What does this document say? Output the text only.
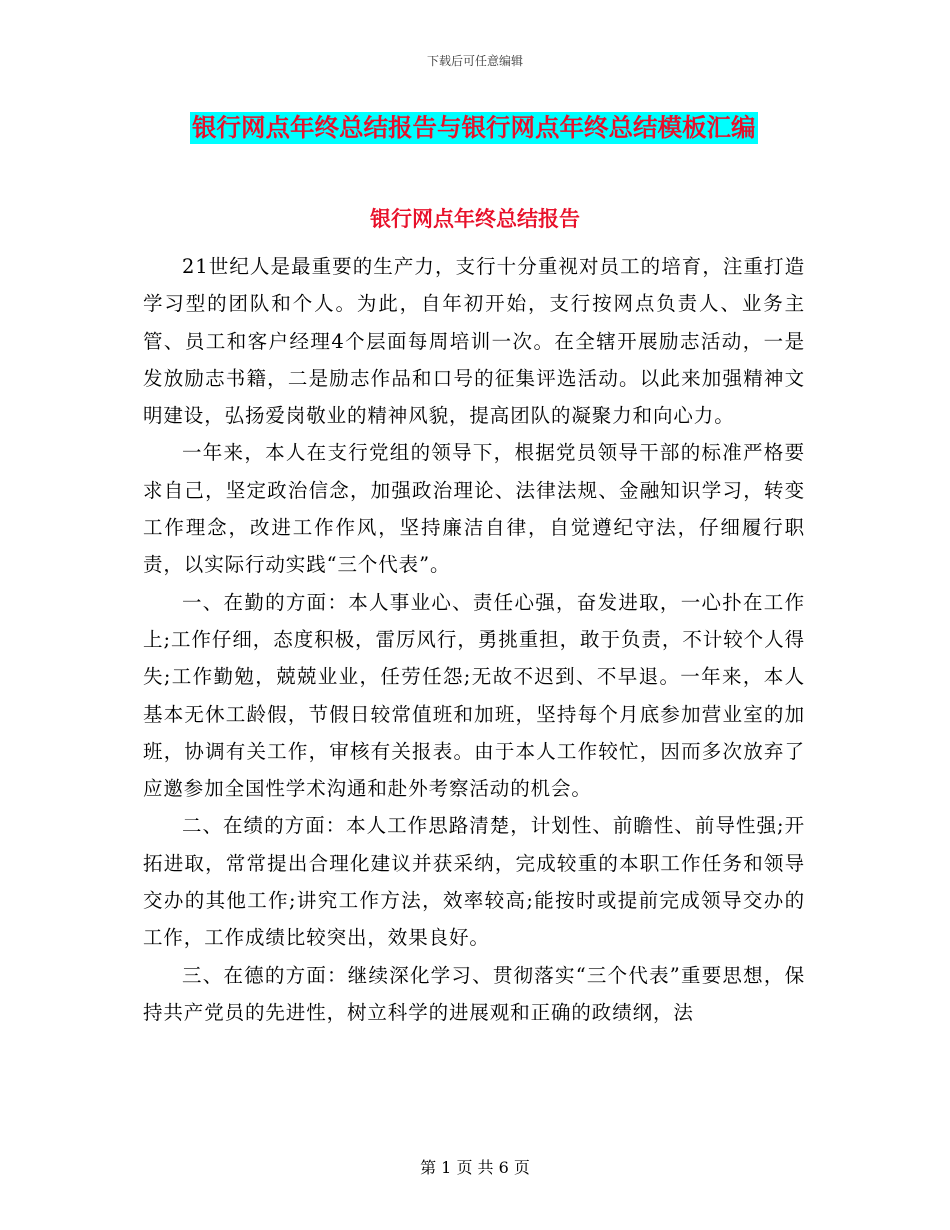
下载后可任意编辑
银行网点年终总结报告与银行网点年终总结模板汇编
银行网点年终总结报告

21世纪人是最重要的生产力，支行十分重视对员工的培育，注重打造学习型的团队和个人。为此，自年初开始，支行按网点负责人、业务主管、员工和客户经理4个层面每周培训一次。在全辖开展励志活动，一是发放励志书籍，二是励志作品和口号的征集评选活动。以此来加强精神文明建设，弘扬爱岗敬业的精神风貌，提高团队的凝聚力和向心力。

一年来，本人在支行党组的领导下，根据党员领导干部的标准严格要求自己，坚定政治信念，加强政治理论、法律法规、金融知识学习，转变工作理念，改进工作作风，坚持廉洁自律，自觉遵纪守法，仔细履行职责，以实际行动实践“三个代表”。

一、在勤的方面：本人事业心、责任心强，奋发进取，一心扑在工作上;工作仔细，态度积极，雷厉风行，勇挑重担，敢于负责，不计较个人得失;工作勤勉，兢兢业业，任劳任怨;无故不迟到、不早退。一年来，本人基本无休工龄假，节假日较常值班和加班，坚持每个月底参加营业室的加班，协调有关工作，审核有关报表。由于本人工作较忙，因而多次放弃了应邀参加全国性学术沟通和赴外考察活动的机会。

二、在绩的方面：本人工作思路清楚，计划性、前瞻性、前导性强;开拓进取，常常提出合理化建议并获采纳，完成较重的本职工作任务和领导交办的其他工作;讲究工作方法，效率较高;能按时或提前完成领导交办的工作，工作成绩比较突出，效果良好。

三、在德的方面：继续深化学习、贯彻落实“三个代表”重要思想，保持共产党员的先进性，树立科学的进展观和正确的政绩纲，法

第 1 页 共 6 页
